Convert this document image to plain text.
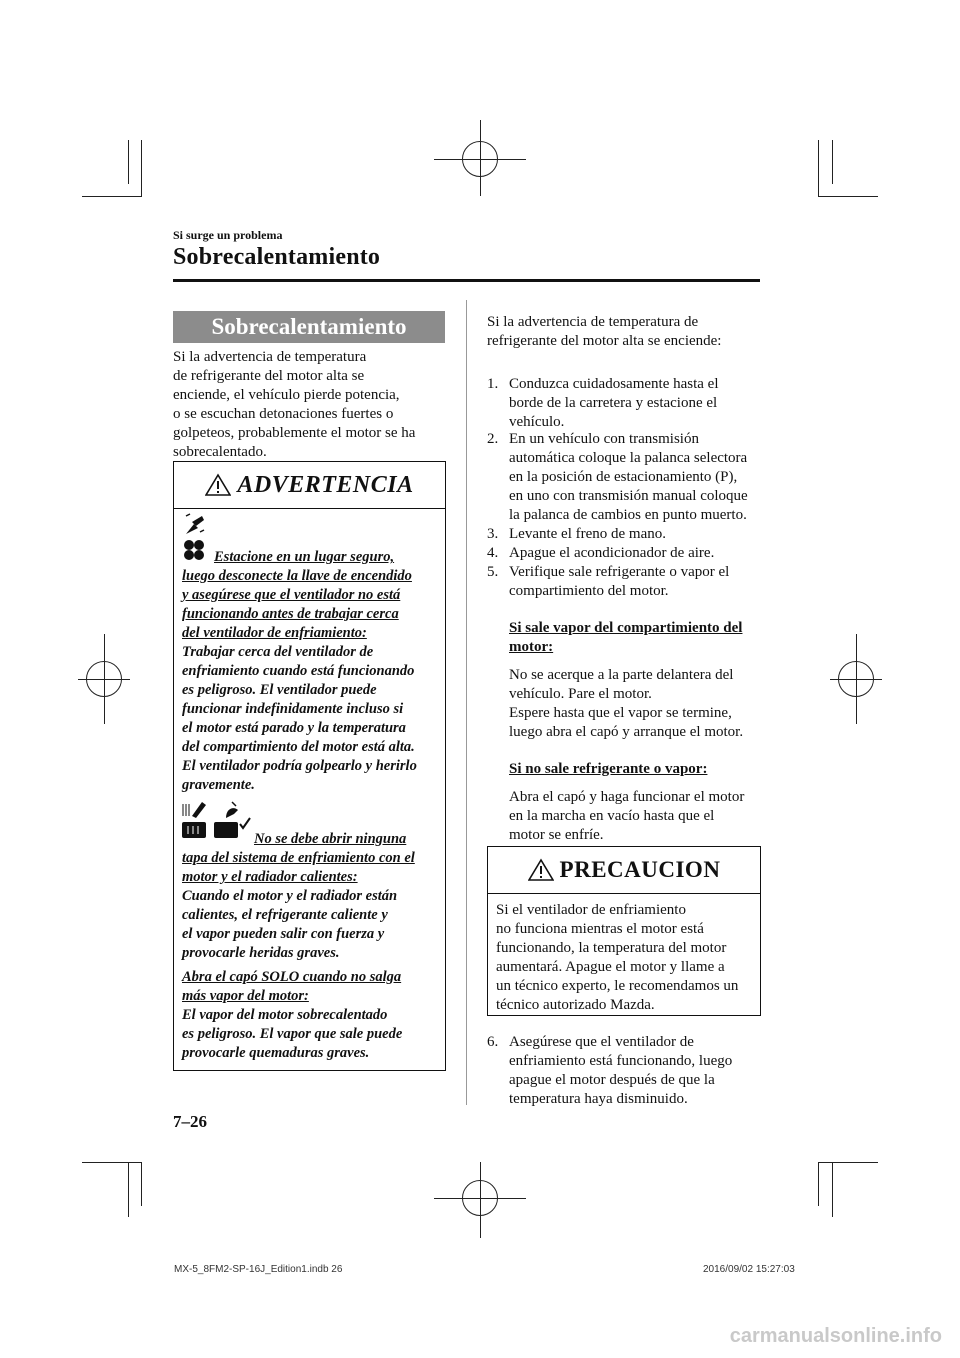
Si surge un problema
Sobrecalentamiento
Sobrecalentamiento
Si la advertencia de temperatura
de refrigerante del motor alta se
enciende, el vehículo pierde potencia,
o se escuchan detonaciones fuertes o
golpeteos, probablemente el motor se ha
sobrecalentado.
ADVERTENCIA
Estacione en un lugar seguro,
luego desconecte la llave de encendido
y asegúrese que el ventilador no está
funcionando antes de trabajar cerca
del ventilador de enfriamiento:
Trabajar cerca del ventilador de
enfriamiento cuando está funcionando
es peligroso. El ventilador puede
funcionar indefinidamente incluso si
el motor está parado y la temperatura
del compartimiento del motor está alta.
El ventilador podría golpearlo y herirlo
gravemente.
No se debe abrir ninguna
tapa del sistema de enfriamiento con el
motor y el radiador calientes:
Cuando el motor y el radiador están
calientes, el refrigerante caliente y
el vapor pueden salir con fuerza y
provocarle heridas graves.
Abra el capó SOLO cuando no salga
más vapor del motor:
El vapor del motor sobrecalentado
es peligroso. El vapor que sale puede
provocarle quemaduras graves.
Si la advertencia de temperatura de
refrigerante del motor alta se enciende:
1. Conduzca cuidadosamente hasta el
borde de la carretera y estacione el
vehículo.
2. En un vehículo con transmisión
automática coloque la palanca selectora
en la posición de estacionamiento (P),
en uno con transmisión manual coloque
la palanca de cambios en punto muerto.
3. Levante el freno de mano.
4. Apague el acondicionador de aire.
5. Verifique sale refrigerante o vapor el
compartimiento del motor.
Si sale vapor del compartimiento del
motor:
No se acerque a la parte delantera del
vehículo. Pare el motor.
Espere hasta que el vapor se termine,
luego abra el capó y arranque el motor.
Si no sale refrigerante o vapor:
Abra el capó y haga funcionar el motor
en la marcha en vacío hasta que el
motor se enfríe.
PRECAUCION
Si el ventilador de enfriamiento
no funciona mientras el motor está
funcionando, la temperatura del motor
aumentará. Apague el motor y llame a
un técnico experto, le recomendamos un
técnico autorizado Mazda.
6. Asegúrese que el ventilador de
enfriamiento está funcionando, luego
apague el motor después de que la
temperatura haya disminuido.
7–26
MX-5_8FM2-SP-16J_Edition1.indb 26	2016/09/02 15:27:03
carmanualsonline.info
